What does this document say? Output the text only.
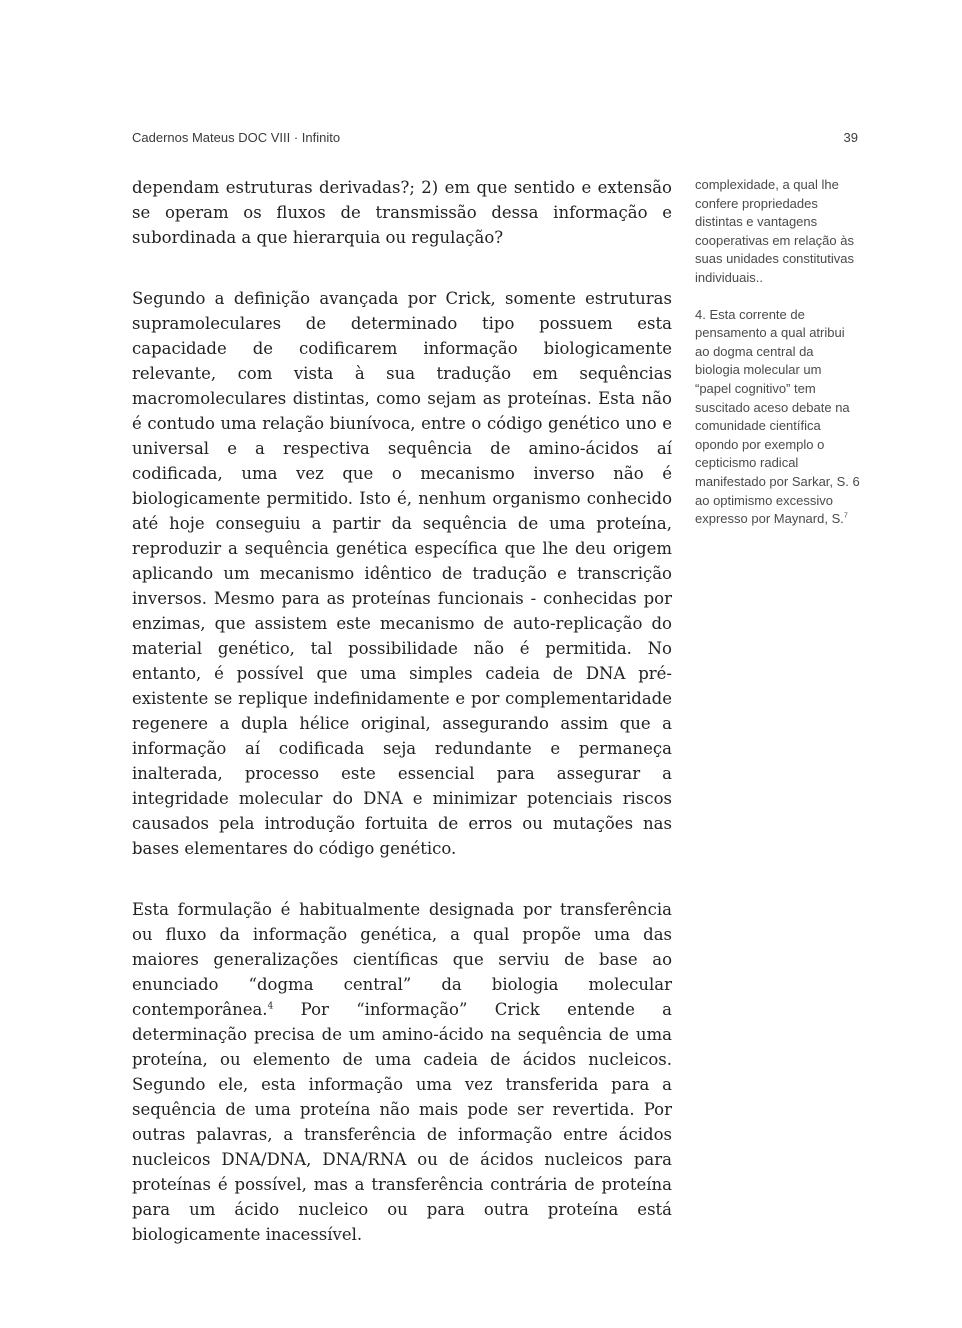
Cadernos Mateus DOC VIII · Infinito	39

dependam estruturas derivadas?; 2) em que sentido e extensão se operam os fluxos de transmissão dessa informação e subordinada a que hierarquia ou regulação?

Segundo a definição avançada por Crick, somente estruturas supramoleculares de determinado tipo possuem esta capacidade de codificarem informação biologicamente relevante, com vista à sua tradução em sequências macromoleculares distintas, como sejam as proteínas. Esta não é contudo uma relação biunívoca, entre o código genético uno e universal e a respectiva sequência de amino-ácidos aí codificada, uma vez que o mecanismo inverso não é biologicamente permitido. Isto é, nenhum organismo conhecido até hoje conseguiu a partir da sequência de uma proteína, reproduzir a sequência genética específica que lhe deu origem aplicando um mecanismo idêntico de tradução e transcrição inversos. Mesmo para as proteínas funcionais - conhecidas por enzimas, que assistem este mecanismo de auto-replicação do material genético, tal possibilidade não é permitida. No entanto, é possível que uma simples cadeia de DNA pré-existente se replique indefinidamente e por complementaridade regenere a dupla hélice original, assegurando assim que a informação aí codificada seja redundante e permaneça inalterada, processo este essencial para assegurar a integridade molecular do DNA e minimizar potenciais riscos causados pela introdução fortuita de erros ou mutações nas bases elementares do código genético.

Esta formulação é habitualmente designada por transferência ou fluxo da informação genética, a qual propõe uma das maiores generalizações científicas que serviu de base ao enunciado “dogma central” da biologia molecular contemporânea.$^4$ Por “informação” Crick entende a determinação precisa de um amino-ácido na sequência de uma proteína, ou elemento de uma cadeia de ácidos nucleicos. Segundo ele, esta informação uma vez transferida para a sequência de uma proteína não mais pode ser revertida. Por outras palavras, a transferência de informação entre ácidos nucleicos DNA/DNA, DNA/RNA ou de ácidos nucleicos para proteínas é possível, mas a transferência contrária de proteína para um ácido nucleico ou para outra proteína está biologicamente inacessível.

complexidade, a qual lhe confere propriedades distintas e vantagens cooperativas em relação às suas unidades constitutivas individuais..

4. Esta corrente de pensamento a qual atribui ao dogma central da biologia molecular um “papel cognitivo” tem suscitado aceso debate na comunidade científica opondo por exemplo o cepticismo radical manifestado por Sarkar, S. 6 ao optimismo excessivo expresso por Maynard, S.$^7$
